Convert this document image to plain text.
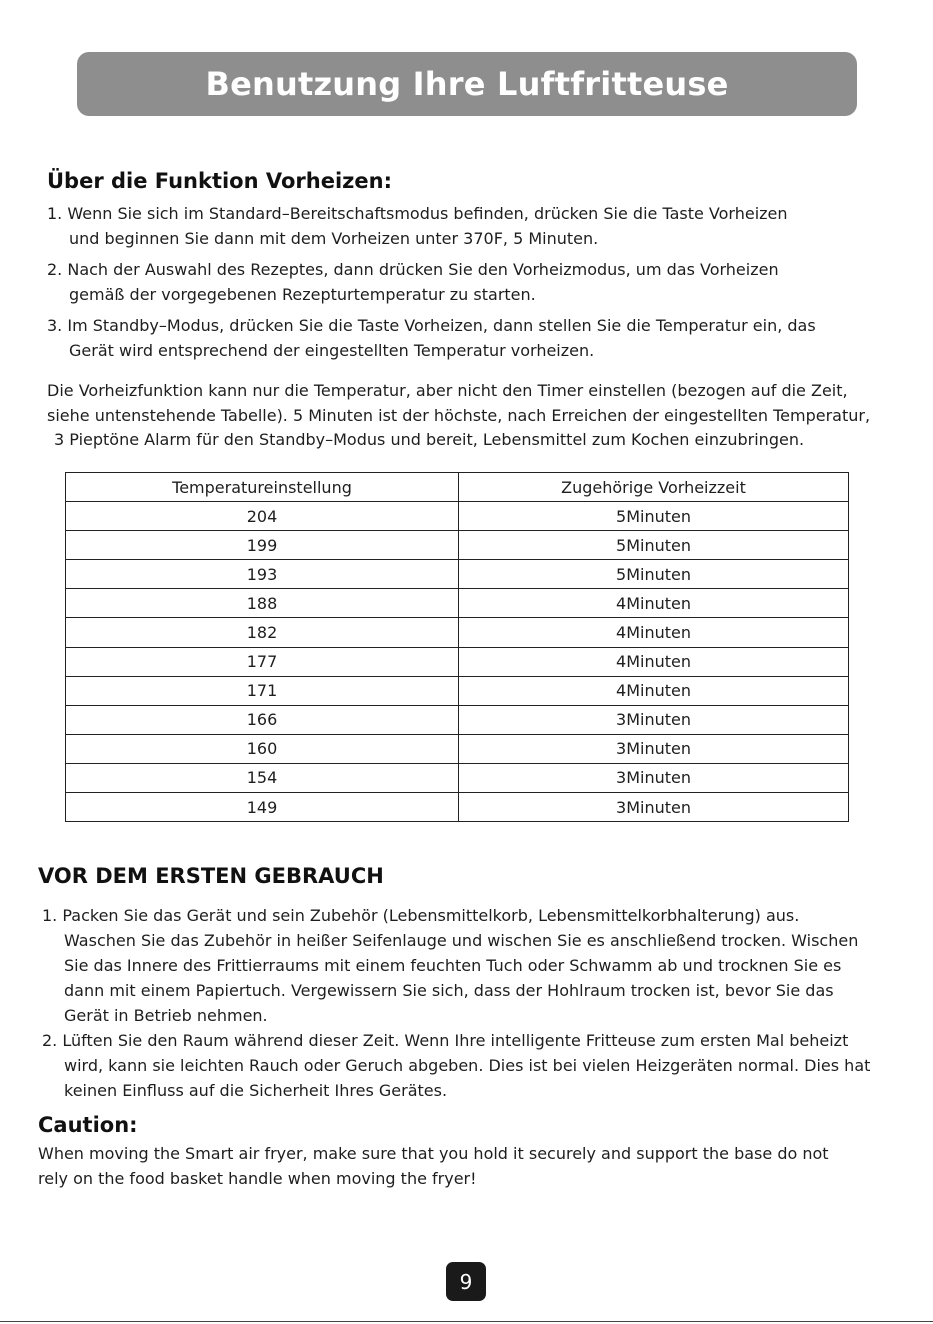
Benutzung Ihre Luftfritteuse
Über die Funktion Vorheizen:
1. Wenn Sie sich im Standard–Bereitschaftsmodus befinden, drücken Sie die Taste Vorheizen
und beginnen Sie dann mit dem Vorheizen unter 370F, 5 Minuten.
2. Nach der Auswahl des Rezeptes, dann drücken Sie den Vorheizmodus, um das Vorheizen
gemäß der vorgegebenen Rezepturtemperatur zu starten.
3. Im Standby–Modus, drücken Sie die Taste Vorheizen, dann stellen Sie die Temperatur ein, das
Gerät wird entsprechend der eingestellten Temperatur vorheizen.
Die Vorheizfunktion kann nur die Temperatur, aber nicht den Timer einstellen (bezogen auf die Zeit,
siehe untenstehende Tabelle). 5 Minuten ist der höchste, nach Erreichen der eingestellten Temperatur,
3 Pieptöne Alarm für den Standby–Modus und bereit, Lebensmittel zum Kochen einzubringen.
Temperatureinstellung	Zugehörige Vorheizzeit
204	5Minuten
199	5Minuten
193	5Minuten
188	4Minuten
182	4Minuten
177	4Minuten
171	4Minuten
166	3Minuten
160	3Minuten
154	3Minuten
149	3Minuten
VOR DEM ERSTEN GEBRAUCH
1. Packen Sie das Gerät und sein Zubehör (Lebensmittelkorb, Lebensmittelkorbhalterung) aus.
Waschen Sie das Zubehör in heißer Seifenlauge und wischen Sie es anschließend trocken. Wischen
Sie das Innere des Frittierraums mit einem feuchten Tuch oder Schwamm ab und trocknen Sie es
dann mit einem Papiertuch. Vergewissern Sie sich, dass der Hohlraum trocken ist, bevor Sie das
Gerät in Betrieb nehmen.
2. Lüften Sie den Raum während dieser Zeit. Wenn Ihre intelligente Fritteuse zum ersten Mal beheizt
wird, kann sie leichten Rauch oder Geruch abgeben. Dies ist bei vielen Heizgeräten normal. Dies hat
keinen Einfluss auf die Sicherheit Ihres Gerätes.
Caution:
When moving the Smart air fryer, make sure that you hold it securely and support the base do not
rely on the food basket handle when moving the fryer!
9
